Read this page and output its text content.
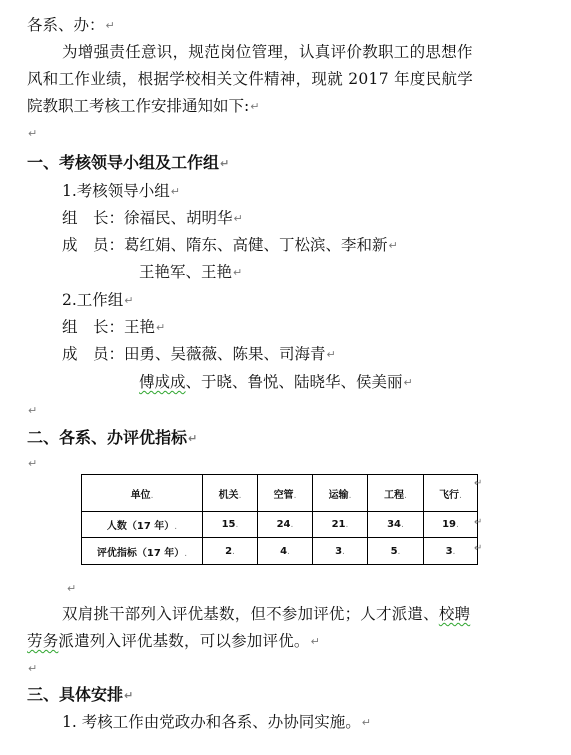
各系、办：↵
为增强责任意识，规范岗位管理，认真评价教职工的思想作
风和工作业绩，根据学校相关文件精神，现就 2017 年度民航学
院教职工考核工作安排通知如下:↵
↵
一、考核领导小组及工作组↵
1.考核领导小组↵
组　长：徐福民、胡明华↵
成　员：葛红娟、隋东、高健、丁松滨、李和新↵
王艳军、王艳↵
2.工作组↵
组　长：王艳↵
成　员：田勇、吴薇薇、陈果、司海青↵
傅成成、于晓、鲁悦、陆晓华、侯美丽↵
↵
二、各系、办评优指标↵
↵
单位.	机关.	空管.	运输.	工程.	飞行.
人数（17 年）.	15.	24.	21.	34.	19.
评优指标（17 年）.	2.	4.	3.	5.	3.
↵
↵
↵
↵
双肩挑干部列入评优基数，但不参加评优；人才派遣、校聘
劳务派遣列入评优基数，可以参加评优。↵
↵
三、具体安排↵
1. 考核工作由党政办和各系、办协同实施。↵
